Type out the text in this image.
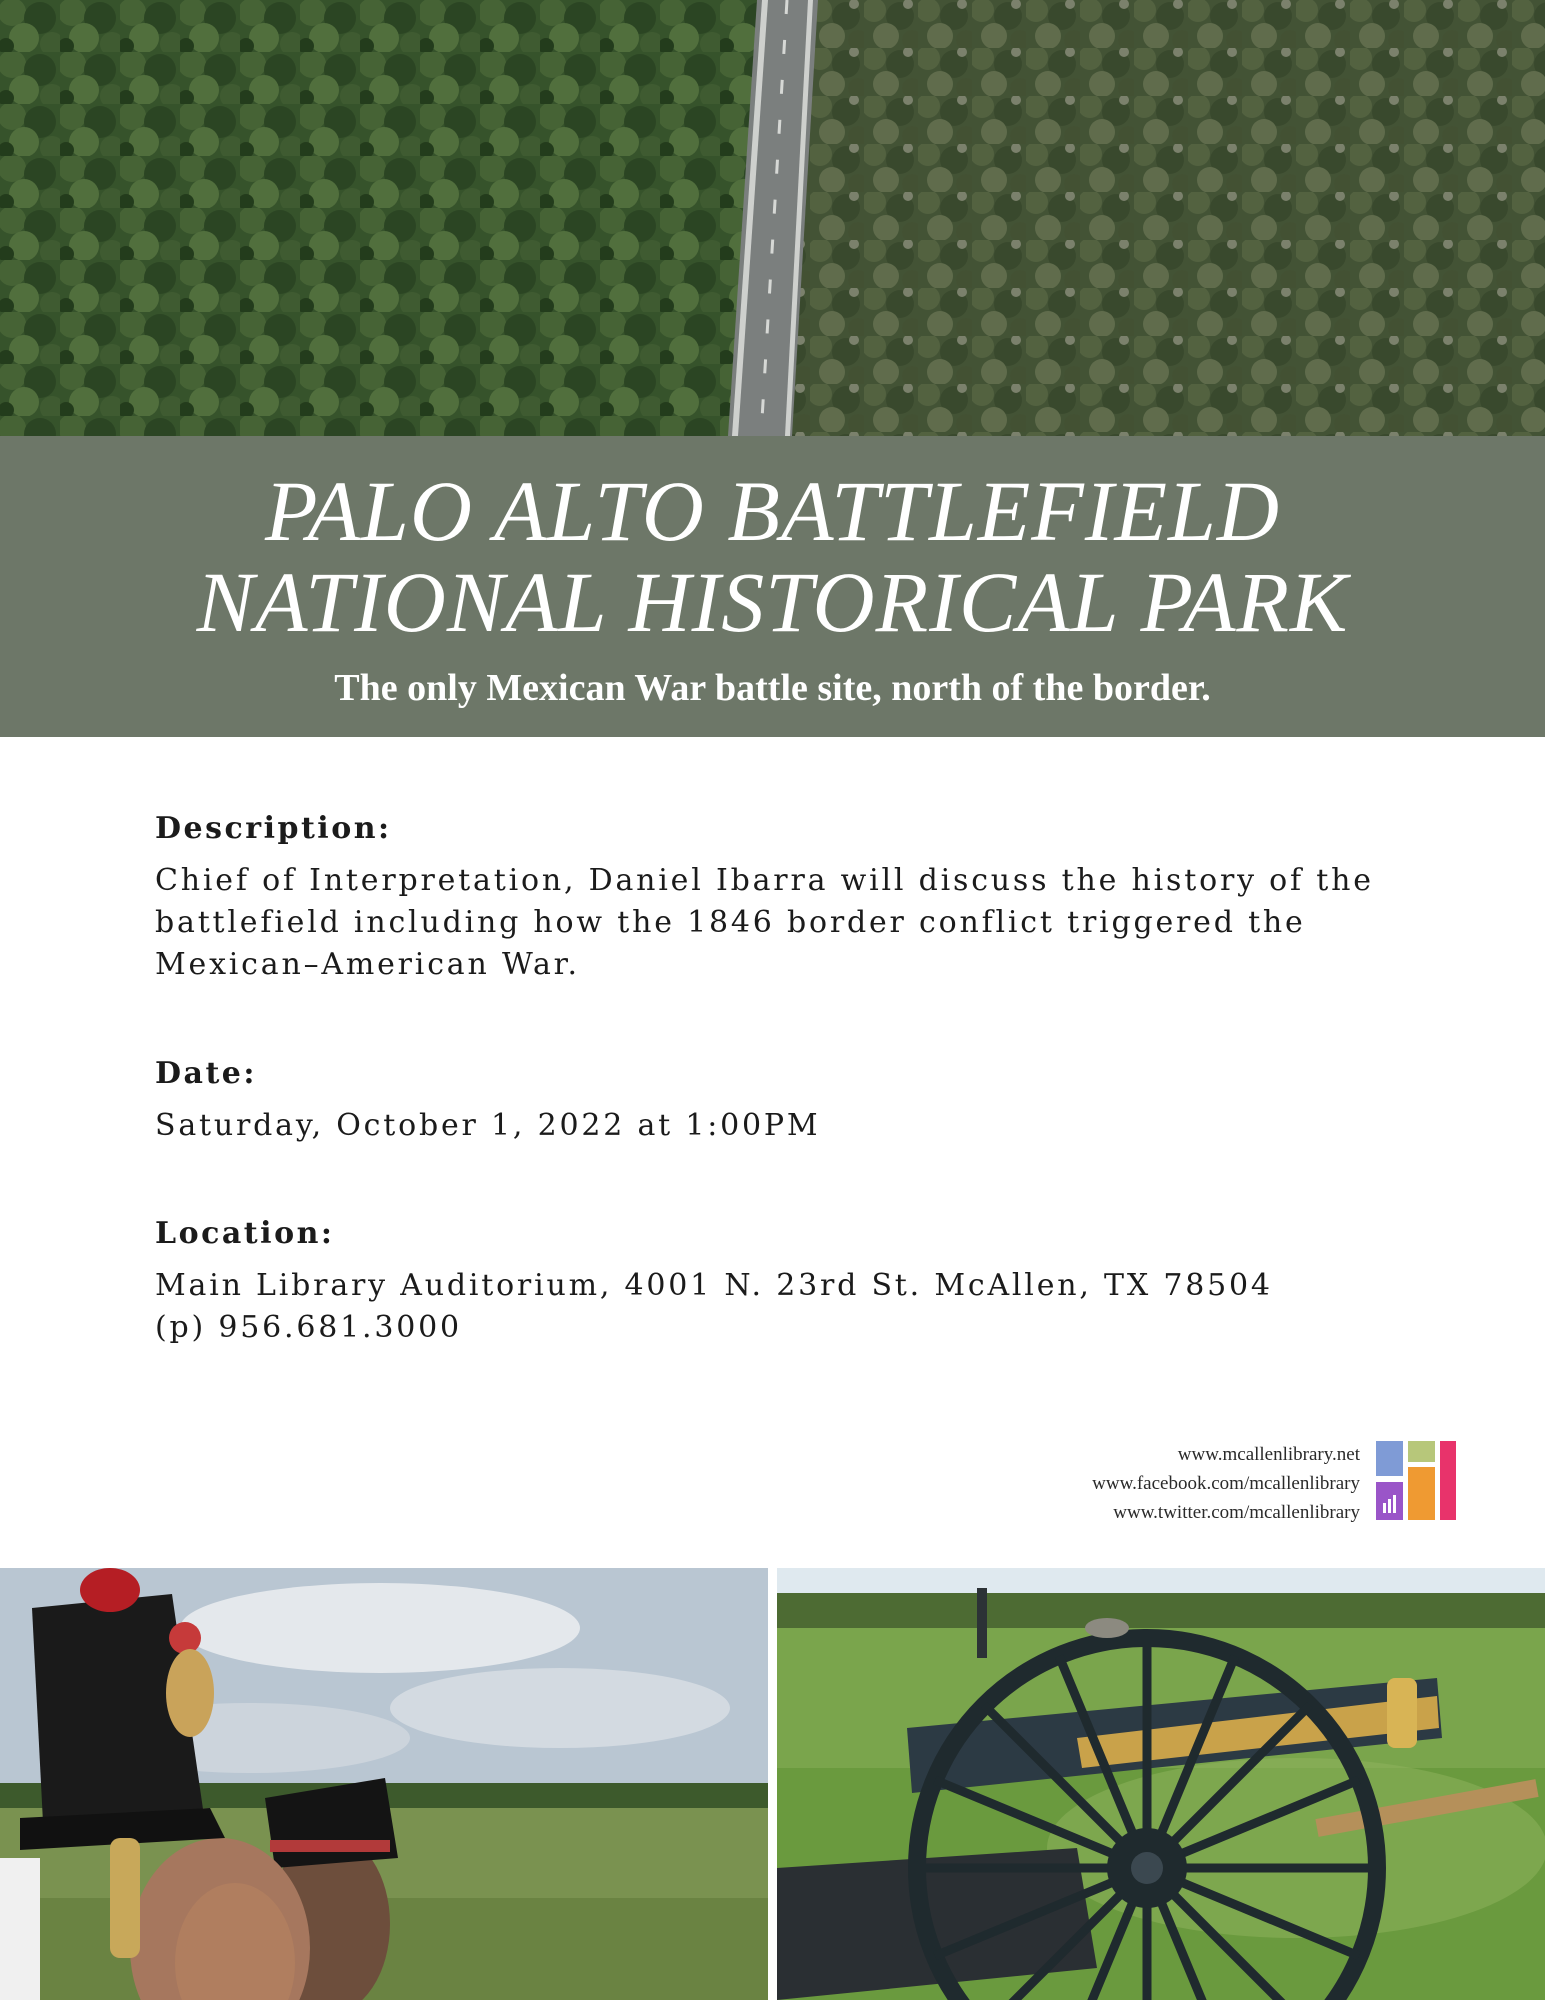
PALO ALTO BATTLEFIELD
NATIONAL HISTORICAL PARK
The only Mexican War battle site, north of the border.

Description:

Chief of Interpretation, Daniel Ibarra will discuss the history of the battlefield including how the 1846 border conflict triggered the Mexican–American War.

Date:

Saturday, October 1, 2022 at 1:00PM

Location:

Main Library Auditorium, 4001 N. 23rd St. McAllen, TX 78504

(p) 956.681.3000

www.mcallenlibrary.net
www.facebook.com/mcallenlibrary
www.twitter.com/mcallenlibrary
